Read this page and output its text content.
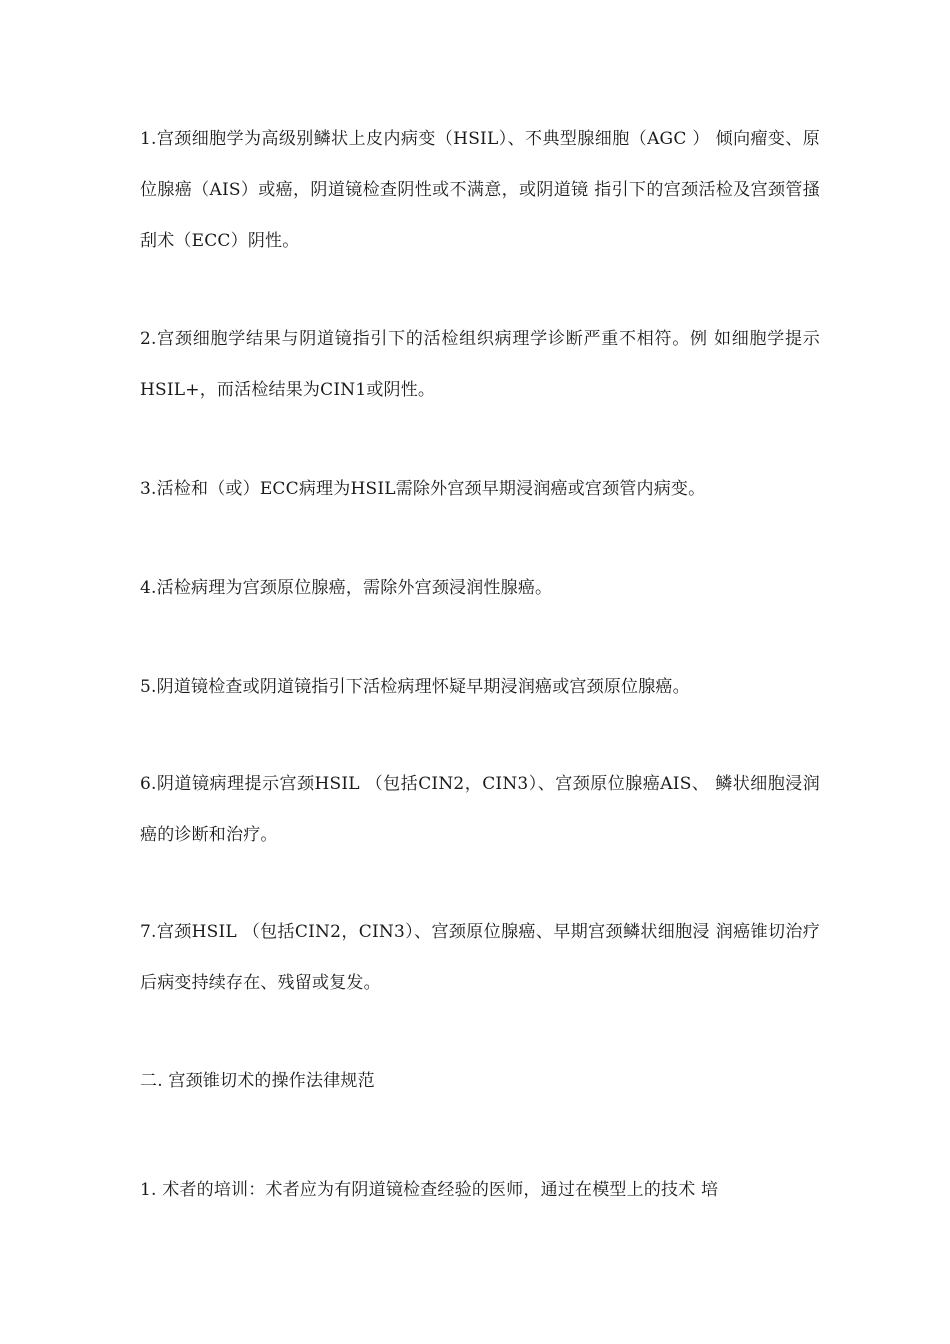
1.宫颈细胞学为高级别鳞状上皮内病变（HSIL）、不典型腺细胞（AGC ） 倾向瘤变、原位腺癌（AIS）或癌，阴道镜检查阴性或不满意，或阴道镜 指引下的宫颈活检及宫颈管搔刮术（ECC）阴性。

2.宫颈细胞学结果与阴道镜指引下的活检组织病理学诊断严重不相符。例 如细胞学提示HSIL+，而活检结果为CIN1或阴性。

3.活检和（或）ECC病理为HSIL需除外宫颈早期浸润癌或宫颈管内病变。

4.活检病理为宫颈原位腺癌，需除外宫颈浸润性腺癌。

5.阴道镜检查或阴道镜指引下活检病理怀疑早期浸润癌或宫颈原位腺癌。

6.阴道镜病理提示宫颈HSIL （包括CIN2，CIN3）、宫颈原位腺癌AIS、 鳞状细胞浸润癌的诊断和治疗。

7.宫颈HSIL （包括CIN2，CIN3）、宫颈原位腺癌、早期宫颈鳞状细胞浸 润癌锥切治疗后病变持续存在、残留或复发。

二. 宫颈锥切术的操作法律规范

1. 术者的培训：术者应为有阴道镜检查经验的医师，通过在模型上的技术 培
